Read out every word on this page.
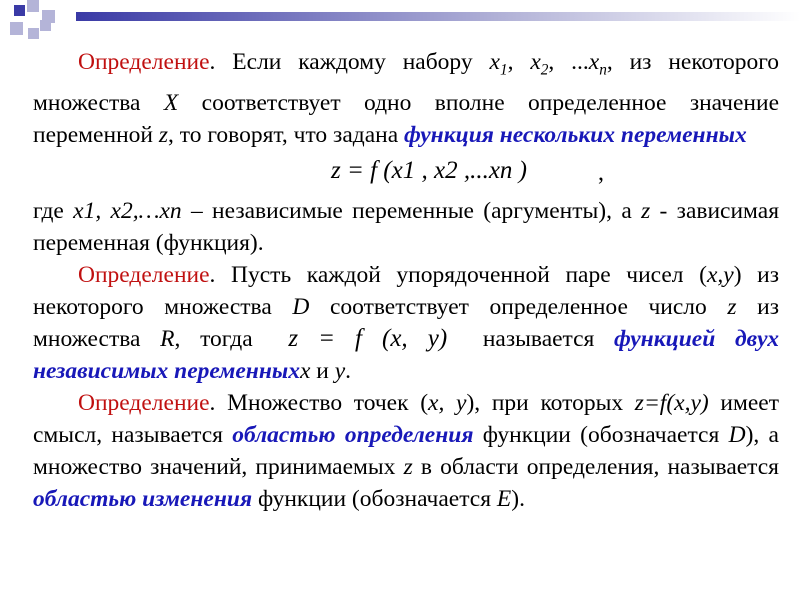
Определение. Если каждому набору $x_1$, $x_2$, $...x_n$, из некоторого множества X соответствует одно вполне определенное значение переменной z, то говорят, что задана функция нескольких переменных

z = f (x1 , x2 ,...xn )	,

где x1, x2,…xn – независимые переменные (аргументы), а z - зависимая переменная (функция).

Определение. Пусть каждой упорядоченной паре чисел (x,y) из некоторого множества D соответствует определенное число z из множества R, тогда z = f (x, y) называется функцией двух независимых переменныхx и y.

Определение. Множество точек (x, y), при которых z=f(x,y) имеет смысл, называется областью определения функции (обозначается D), а множество значений, принимаемых z в области определения, называется областью изменения функции (обозначается E).
